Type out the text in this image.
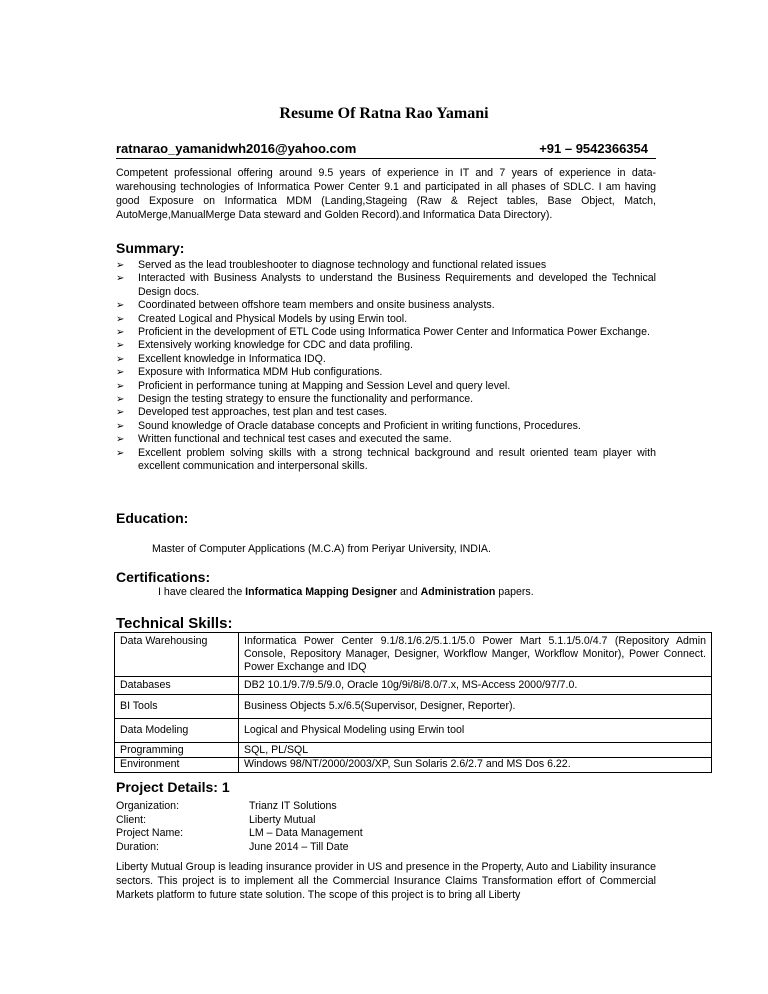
Resume Of Ratna Rao Yamani
ratnarao_yamanidwh2016@yahoo.com	+91 – 9542366354
Competent professional offering around 9.5 years of experience in IT and 7 years of experience in data-warehousing technologies of Informatica Power Center 9.1 and participated in all phases of SDLC. I am having good Exposure on Informatica MDM (Landing,Stageing (Raw & Reject tables, Base Object, Match, AutoMerge,ManualMerge Data steward and Golden Record).and Informatica Data Directory).
Summary:
➢ Served as the lead troubleshooter to diagnose technology and functional related issues
➢ Interacted with Business Analysts to understand the Business Requirements and developed the Technical Design docs.
➢ Coordinated between offshore team members and onsite business analysts.
➢ Created Logical and Physical Models by using Erwin tool.
➢ Proficient in the development of ETL Code using Informatica Power Center and Informatica Power Exchange.
➢ Extensively working knowledge for CDC and data profiling.
➢ Excellent knowledge in Informatica IDQ.
➢ Exposure with Informatica MDM Hub configurations.
➢ Proficient in performance tuning at Mapping and Session Level and query level.
➢ Design the testing strategy to ensure the functionality and performance.
➢ Developed test approaches, test plan and test cases.
➢ Sound knowledge of Oracle database concepts and Proficient in writing functions, Procedures.
➢ Written functional and technical test cases and executed the same.
➢ Excellent problem solving skills with a strong technical background and result oriented team player with excellent communication and interpersonal skills.
Education:
Master of Computer Applications (M.C.A) from Periyar University, INDIA.
Certifications:
I have cleared the Informatica Mapping Designer and Administration papers.
Technical Skills:
Data Warehousing	Informatica Power Center 9.1/8.1/6.2/5.1.1/5.0 Power Mart 5.1.1/5.0/4.7 (Repository Admin Console, Repository Manager, Designer, Workflow Manger, Workflow Monitor), Power Connect. Power Exchange and IDQ
Databases	DB2 10.1/9.7/9.5/9.0, Oracle 10g/9i/8i/8.0/7.x, MS-Access 2000/97/7.0.
BI Tools	Business Objects 5.x/6.5(Supervisor, Designer, Reporter).
Data Modeling	Logical and Physical Modeling using Erwin tool
Programming	SQL, PL/SQL
Environment	Windows 98/NT/2000/2003/XP, Sun Solaris 2.6/2.7 and MS Dos 6.22.
Project Details: 1
Organization:	Trianz IT Solutions
Client:	Liberty Mutual
Project Name:	LM – Data Management
Duration:	June 2014 – Till Date
Liberty Mutual Group is leading insurance provider in US and presence in the Property, Auto and Liability insurance sectors. This project is to implement all the Commercial Insurance Claims Transformation effort of Commercial Markets platform to future state solution. The scope of this project is to bring all Liberty
